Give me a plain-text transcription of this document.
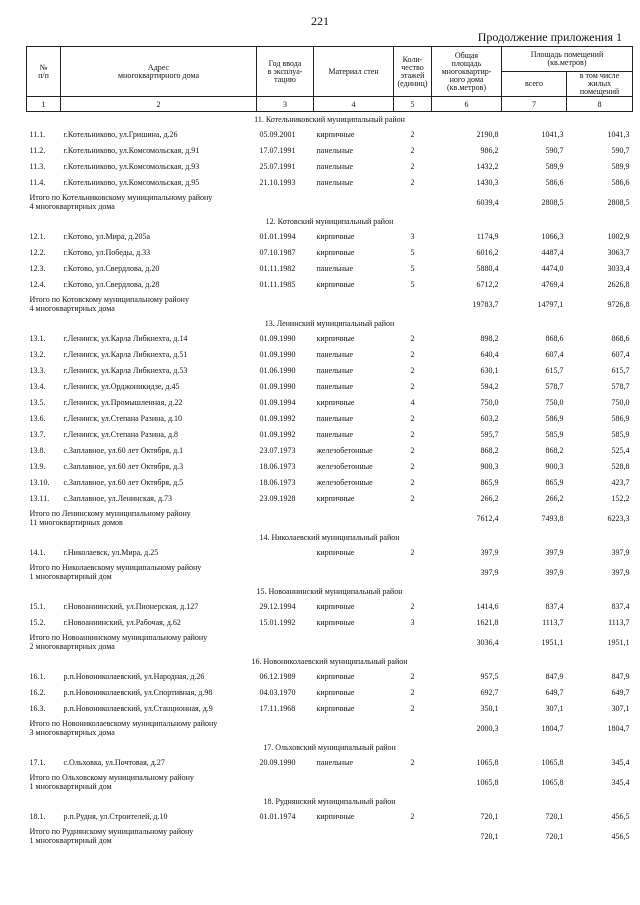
221
Продолжение приложения 1
№
п/п	Адрес
многоквартирного дома	Год ввода
в эксплуа-
тацию	Материал стен	Коли-
чество
этажей
(единиц)	Общая
площадь
многоквартир-
ного дома
(кв.метров)	Площадь помещений
(кв.метров)	
						всего	в том числе
жилых
помещений
1	2	3	4	5	6	7	8
11. Котельниковский муниципальный район							
11.1.	г.Котельниково, ул.Гришина, д.26	05.09.2001	кирпичные	2	2190,8	1041,3	1041,3
11.2.	г.Котельниково, ул.Комсомольская, д.91	17.07.1991	панельные	2	986,2	590,7	590,7
11.3.	г.Котельниково, ул.Комсомольская, д.93	25.07.1991	панельные	2	1432,2	589,9	589,9
11.4.	г.Котельниково, ул.Комсомольская, д.95	21.10.1993	панельные	2	1430,3	586,6	586,6
Итого по Котельниковскому муниципальному району
4 многоквартирных дома					6039,4	2808,5	2808,5
12. Котовский муниципальный район							
12.1.	г.Котово, ул.Мира, д.205а	01.01.1994	кирпичные	3	1174,9	1066,3	1002,9
12.2.	г.Котово, ул.Победы, д.33	07.10.1987	кирпичные	5	6016,2	4487,4	3063,7
12.3.	г.Котово, ул.Свердлова, д.20	01.11.1982	панельные	5	5880,4	4474,0	3033,4
12.4.	г.Котово, ул.Свердлова, д.28	01.11.1985	кирпичные	5	6712,2	4769,4	2626,8
Итого по Котовскому муниципальному району
4 многоквартирных дома					19783,7	14797,1	9726,8
13. Ленинский муниципальный район							
13.1.	г.Ленинск, ул.Карла Либкнехта, д.14	01.09.1990	кирпичные	2	898,2	868,6	868,6
13.2.	г.Ленинск, ул.Карла Либкнехта, д.51	01.09.1990	панельные	2	640,4	607,4	607,4
13.3.	г.Ленинск, ул.Карла Либкнехта, д.53	01.06.1990	панельные	2	630,1	615,7	615,7
13.4.	г.Ленинск, ул.Орджоникидзе, д.45	01.09.1990	панельные	2	594,2	578,7	578,7
13.5.	г.Ленинск, ул.Промышленная, д.22	01.09.1994	кирпичные	4	750,0	750,0	750,0
13.6.	г.Ленинск, ул.Степана Разина, д.10	01.09.1992	панельные	2	603,2	586,9	586,9
13.7.	г.Ленинск, ул.Степана Разина, д.8	01.09.1992	панельные	2	595,7	585,9	585,9
13.8.	с.Заплавное, ул.60 лет Октября, д.1	23.07.1973	железобетонные	2	868,2	868,2	525,4
13.9.	с.Заплавное, ул.60 лет Октября, д.3	18.06.1973	железобетонные	2	900,3	900,3	528,8
13.10.	с.Заплавное, ул.60 лет Октября, д.5	18.06.1973	железобетонные	2	865,9	865,9	423,7
13.11.	с.Заплавное, ул.Ленинская, д.73	23.09.1928	кирпичные	2	266,2	266,2	152,2
Итого по Ленинскому муниципальному району
11 многоквартирных домов					7612,4	7493,8	6223,3
14. Николаевский муниципальный район							
14.1.	г.Николаевск, ул.Мира, д.25		кирпичные	2	397,9	397,9	397,9
Итого по Николаевскому муниципальному району
1 многоквартирный дом					397,9	397,9	397,9
15. Новоаннинский муниципальный район							
15.1.	г.Новоаннинский, ул.Пионерская, д.127	29.12.1994	кирпичные	2	1414,6	837,4	837,4
15.2.	г.Новоаннинский, ул.Рабочая, д.62	15.01.1992	кирпичные	3	1621,8	1113,7	1113,7
Итого по Новоаннинскому муниципальному району
2 многоквартирных дома					3036,4	1951,1	1951,1
16. Новониколаевский муниципальный район							
16.1.	р.п.Новониколаевский, ул.Народная, д.26	06.12.1989	кирпичные	2	957,5	847,9	847,9
16.2.	р.п.Новониколаевский, ул.Спортивная, д.98	04.03.1970	кирпичные	2	692,7	649,7	649,7
16.3.	р.п.Новониколаевский, ул.Станционная, д.9	17.11.1968	кирпичные	2	350,1	307,1	307,1
Итого по Новониколаевскому муниципальному району
3 многоквартирных дома					2000,3	1804,7	1804,7
17. Ольховский муниципальный район							
17.1.	с.Ольховка, ул.Почтовая, д.27	20.09.1990	панельные	2	1065,8	1065,8	345,4
Итого по Ольховскому муниципальному району
1 многоквартирный дом					1065,8	1065,8	345,4
18. Руднянский муниципальный район							
18.1.	р.п.Рудня, ул.Строителей, д.10	01.01.1974	кирпичные	2	720,1	720,1	456,5
Итого по Руднянскому муниципальному району
1 многоквартирный дом					720,1	720,1	456,5
